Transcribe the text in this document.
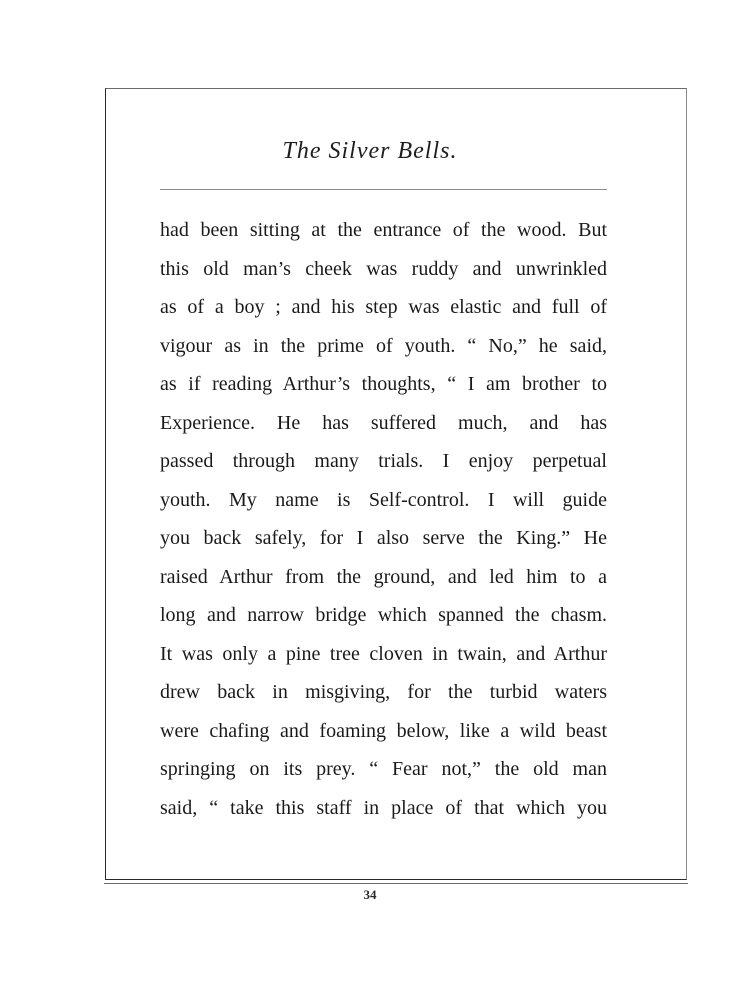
The Silver Bells.
had been sitting at the entrance of the wood. But
this old man’s cheek was ruddy and unwrinkled
as of a boy ; and his step was elastic and full of
vigour as in the prime of youth. “ No,” he said,
as if reading Arthur’s thoughts, “ I am brother to
Experience. He has suffered much, and has
passed through many trials. I enjoy perpetual
youth. My name is Self-control. I will guide
you back safely, for I also serve the King.” He
raised Arthur from the ground, and led him to a
long and narrow bridge which spanned the chasm.
It was only a pine tree cloven in twain, and Arthur
drew back in misgiving, for the turbid waters
were chafing and foaming below, like a wild beast
springing on its prey. “ Fear not,” the old man
said, “ take this staff in place of that which you
34
